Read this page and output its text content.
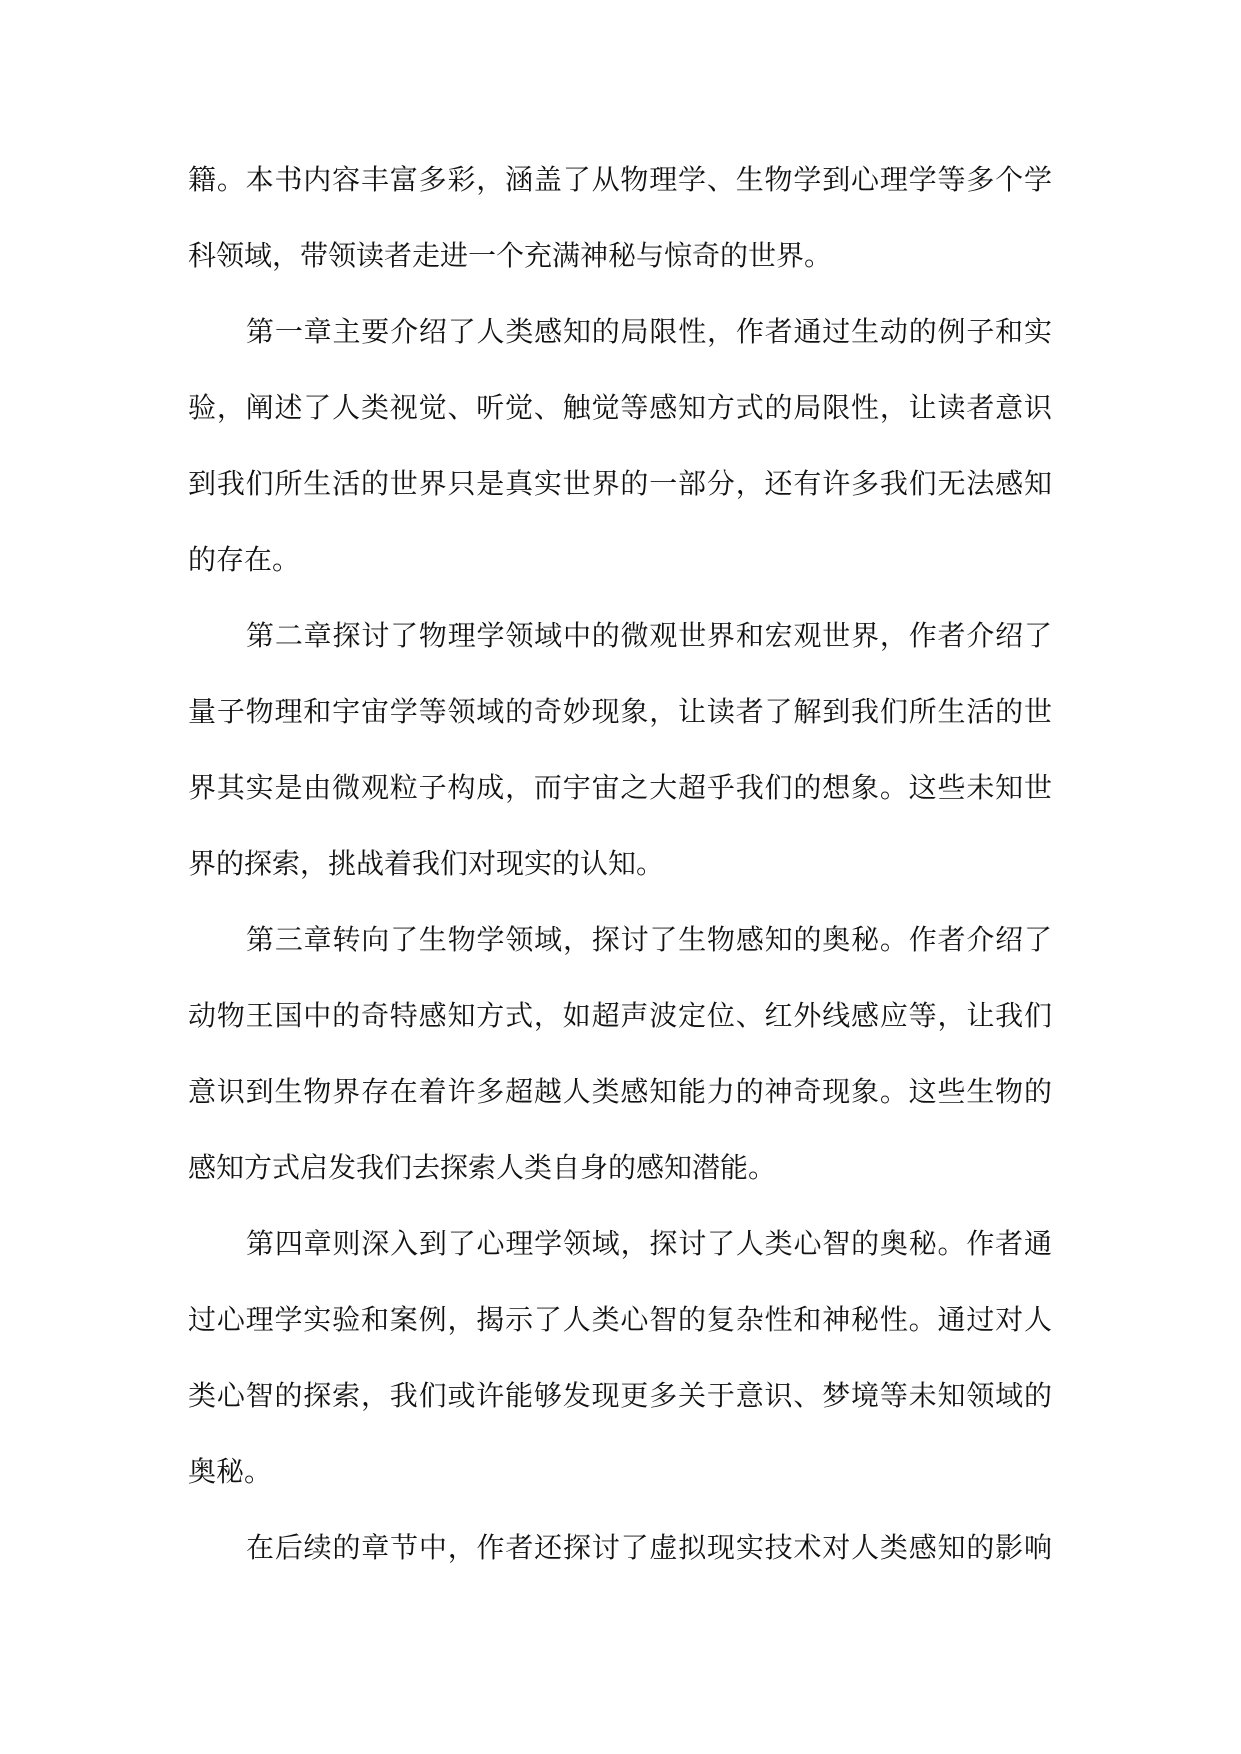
籍。本书内容丰富多彩，涵盖了从物理学、生物学到心理学等多个学
科领域，带领读者走进一个充满神秘与惊奇的世界。
第一章主要介绍了人类感知的局限性，作者通过生动的例子和实
验，阐述了人类视觉、听觉、触觉等感知方式的局限性，让读者意识
到我们所生活的世界只是真实世界的一部分，还有许多我们无法感知
的存在。
第二章探讨了物理学领域中的微观世界和宏观世界，作者介绍了
量子物理和宇宙学等领域的奇妙现象，让读者了解到我们所生活的世
界其实是由微观粒子构成，而宇宙之大超乎我们的想象。这些未知世
界的探索，挑战着我们对现实的认知。
第三章转向了生物学领域，探讨了生物感知的奥秘。作者介绍了
动物王国中的奇特感知方式，如超声波定位、红外线感应等，让我们
意识到生物界存在着许多超越人类感知能力的神奇现象。这些生物的
感知方式启发我们去探索人类自身的感知潜能。
第四章则深入到了心理学领域，探讨了人类心智的奥秘。作者通
过心理学实验和案例，揭示了人类心智的复杂性和神秘性。通过对人
类心智的探索，我们或许能够发现更多关于意识、梦境等未知领域的
奥秘。
在后续的章节中，作者还探讨了虚拟现实技术对人类感知的影响
